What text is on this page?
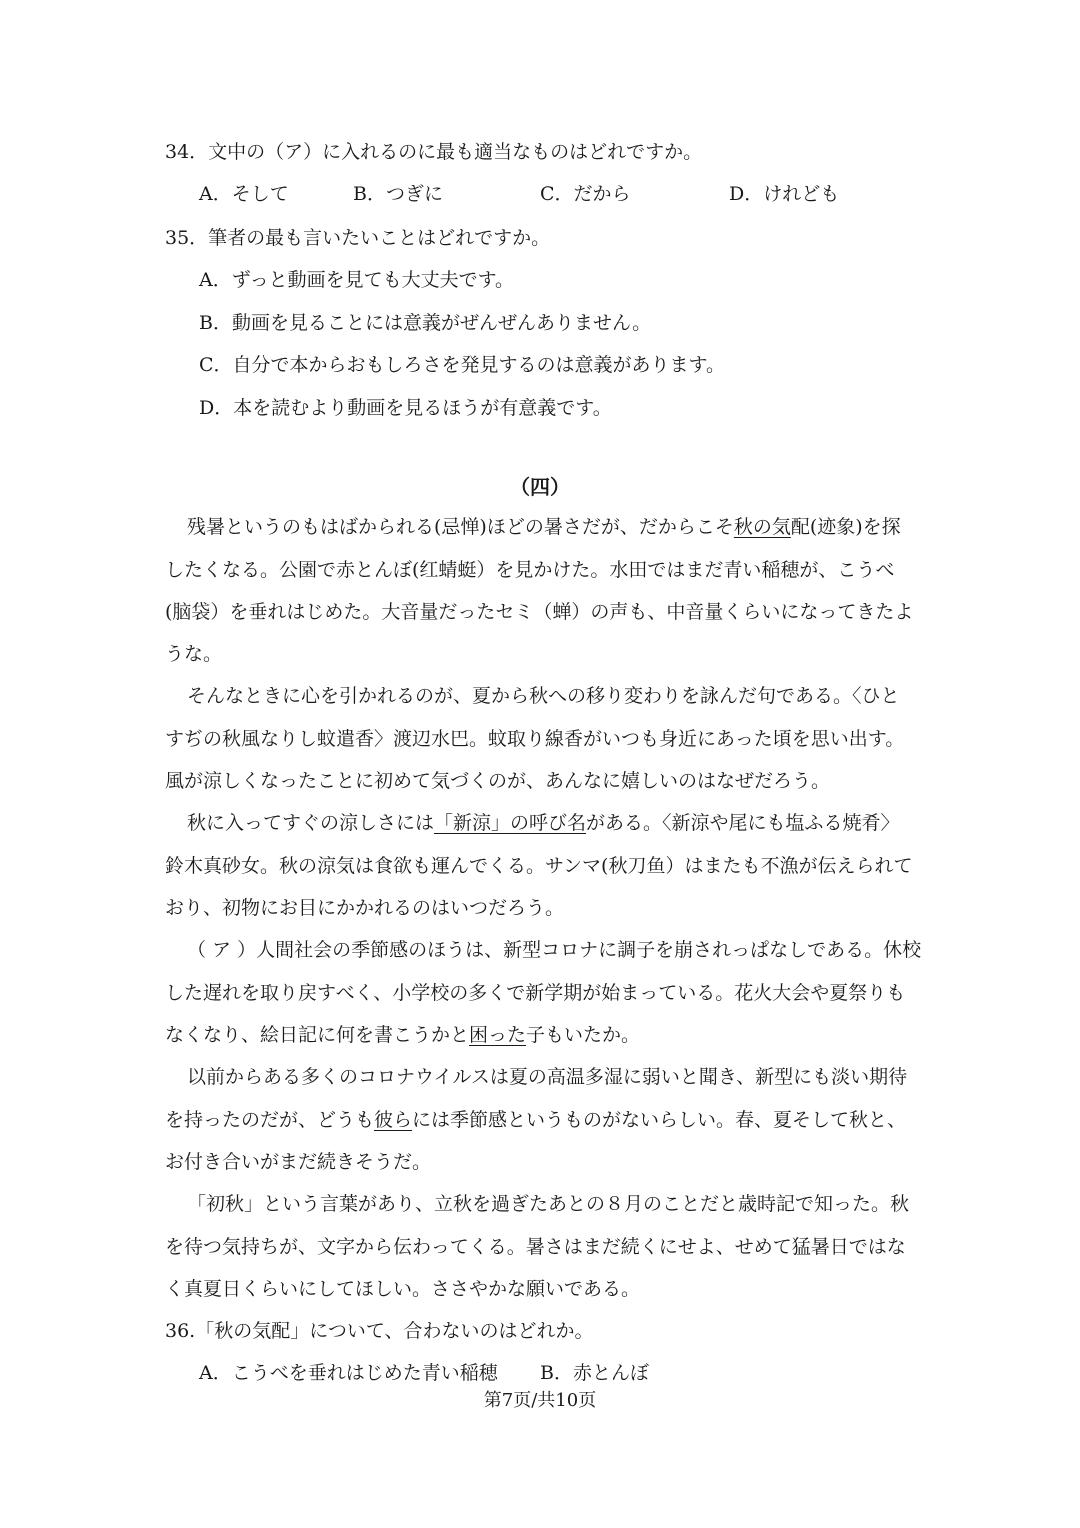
34．文中の（ア）に入れるのに最も適当なものはどれですか。
A．そして	B．つぎに	C．だから	D．けれども
35．筆者の最も言いたいことはどれですか。
A．ずっと動画を見ても大丈夫です。
B．動画を見ることには意義がぜんぜんありません。
C．自分で本からおもしろさを発見するのは意義があります。
D．本を読むより動画を見るほうが有意義です。
（四）
残暑というのもはばかられる(忌惮)ほどの暑さだが、だからこそ秋の気配(迹象)を探
したくなる。公園で赤とんぼ(红蜻蜓）を見かけた。水田ではまだ青い稲穂が、こうべ
(脑袋）を垂れはじめた。大音量だったセミ（蝉）の声も、中音量くらいになってきたよ
うな。
そんなときに心を引かれるのが、夏から秋への移り変わりを詠んだ句である。〈ひと
すぢの秋風なりし蚊遣香〉渡辺水巴。蚊取り線香がいつも身近にあった頃を思い出す。
風が涼しくなったことに初めて気づくのが、あんなに嬉しいのはなぜだろう。
秋に入ってすぐの涼しさには「新涼」の呼び名がある。〈新涼や尾にも塩ふる焼肴〉
鈴木真砂女。秋の涼気は食欲も運んでくる。サンマ(秋刀鱼）はまたも不漁が伝えられて
おり、初物にお目にかかれるのはいつだろう。
（ ア ）人間社会の季節感のほうは、新型コロナに調子を崩されっぱなしである。休校
した遅れを取り戻すべく、小学校の多くで新学期が始まっている。花火大会や夏祭りも
なくなり、絵日記に何を書こうかと困った子もいたか。
以前からある多くのコロナウイルスは夏の高温多湿に弱いと聞き、新型にも淡い期待
を持ったのだが、どうも彼らには季節感というものがないらしい。春、夏そして秋と、
お付き合いがまだ続きそうだ。
「初秋」という言葉があり、立秋を過ぎたあとの８月のことだと歳時記で知った。秋
を待つ気持ちが、文字から伝わってくる。暑さはまだ続くにせよ、せめて猛暑日ではな
く真夏日くらいにしてほしい。ささやかな願いである。
36.「秋の気配」について、合わないのはどれか。
A．こうべを垂れはじめた青い稲穂 B．赤とんぼ
第7页/共10页
